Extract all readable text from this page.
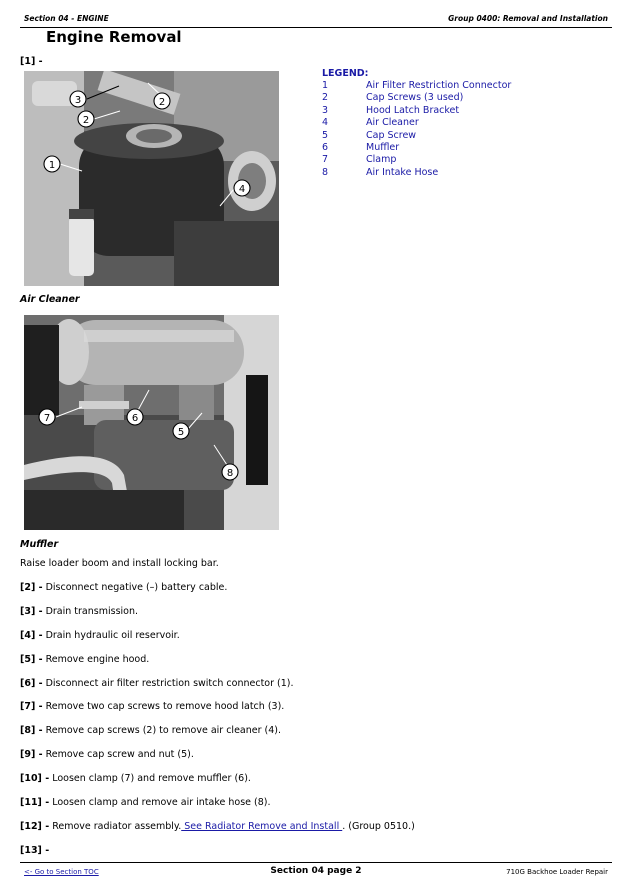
Section 04 - ENGINE	Group 0400: Removal and Installation
Engine Removal
[1] -
3	2
2
1
4
Air Cleaner
7	6
5
8
Muffler
LEGEND:
1	Air Filter Restriction Connector
2	Cap Screws (3 used)
3	Hood Latch Bracket
4	Air Cleaner
5	Cap Screw
6	Muffler
7	Clamp
8	Air Intake Hose
Raise loader boom and install locking bar.
[2] - Disconnect negative (–) battery cable.
[3] - Drain transmission.
[4] - Drain hydraulic oil reservoir.
[5] - Remove engine hood.
[6] - Disconnect air filter restriction switch connector (1).
[7] - Remove two cap screws to remove hood latch (3).
[8] - Remove cap screws (2) to remove air cleaner (4).
[9] - Remove cap screw and nut (5).
[10] - Loosen clamp (7) and remove muffler (6).
[11] - Loosen clamp and remove air intake hose (8).
[12] - Remove radiator assembly. See Radiator Remove and Install . (Group 0510.)
[13] -
<- Go to Section TOC	Section 04 page 2	710G Backhoe Loader Repair
